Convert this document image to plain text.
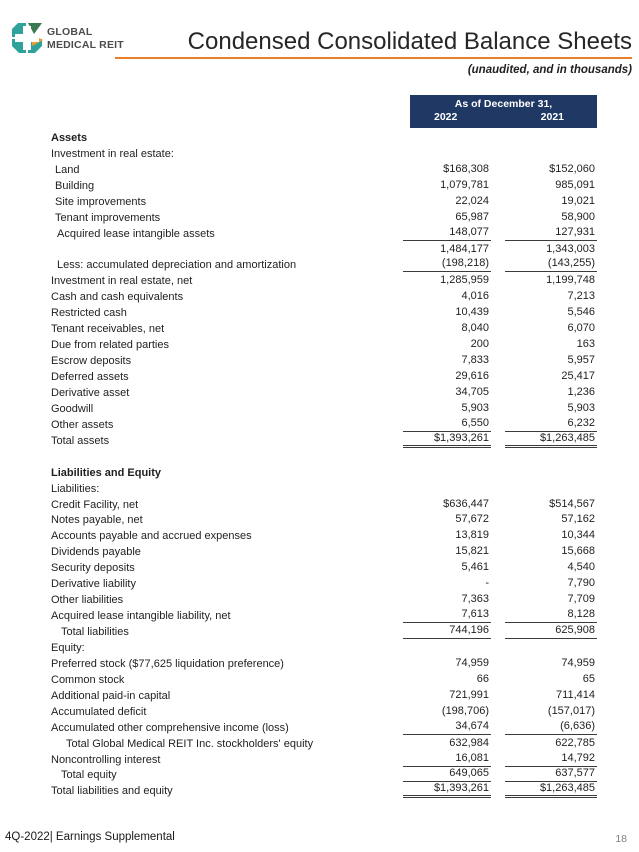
GLOBAL
MEDICAL REIT	Condensed Consolidated Balance Sheets
(unaudited, and in thousands)
As of December 31,
2022	2021
Assets
Investment in real estate:
Land	$168,308	$152,060
Building	1,079,781	985,091
Site improvements	22,024	19,021
Tenant improvements	65,987	58,900
Acquired lease intangible assets	148,077	127,931
1,484,177	1,343,003
Less: accumulated depreciation and amortization	(198,218)	(143,255)
Investment in real estate, net	1,285,959	1,199,748
Cash and cash equivalents	4,016	7,213
Restricted cash	10,439	5,546
Tenant receivables, net	8,040	6,070
Due from related parties	200	163
Escrow deposits	7,833	5,957
Deferred assets	29,616	25,417
Derivative asset	34,705	1,236
Goodwill	5,903	5,903
Other assets	6,550	6,232
Total assets	$1,393,261	$1,263,485
Liabilities and Equity
Liabilities:
Credit Facility, net	$636,447	$514,567
Notes payable, net	57,672	57,162
Accounts payable and accrued expenses	13,819	10,344
Dividends payable	15,821	15,668
Security deposits	5,461	4,540
Derivative liability	-	7,790
Other liabilities	7,363	7,709
Acquired lease intangible liability, net	7,613	8,128
Total liabilities	744,196	625,908
Equity:
Preferred stock ($77,625 liquidation preference)	74,959	74,959
Common stock	66	65
Additional paid-in capital	721,991	711,414
Accumulated deficit	(198,706)	(157,017)
Accumulated other comprehensive income (loss)	34,674	(6,636)
Total Global Medical REIT Inc. stockholders' equity	632,984	622,785
Noncontrolling interest	16,081	14,792
Total equity	649,065	637,577
Total liabilities and equity	$1,393,261	$1,263,485
4Q-2022| Earnings Supplemental	18
